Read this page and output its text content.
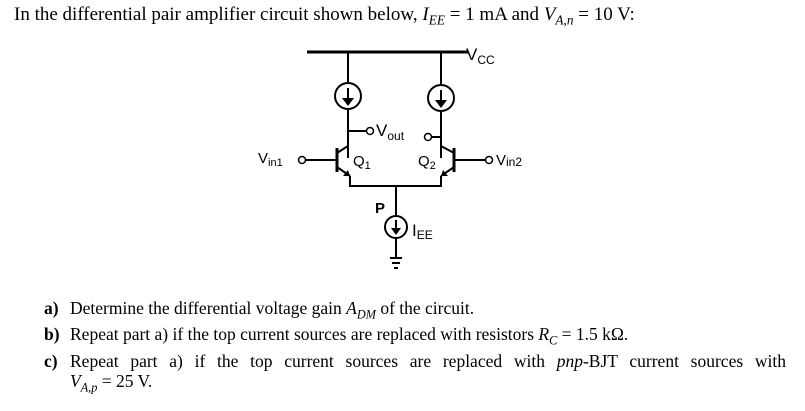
In the differential pair amplifier circuit shown below, $I_{EE} = 1$ mA and $V_{A,n} = 10$ V:
$V_{CC}$
$V_{out}$
$V_{in1}$	Vin2
$Q_1$	$Q_2$
P
$I_{EE}$
a) Determine the differential voltage gain $A_{DM}$ of the circuit.
b) Repeat part a) if the top current sources are replaced with resistors $R_C = 1.5$ kΩ.
c) Repeat part a) if the top current sources are replaced with pnp-BJT current sources with
$V_{A,p} = 25$ V.
